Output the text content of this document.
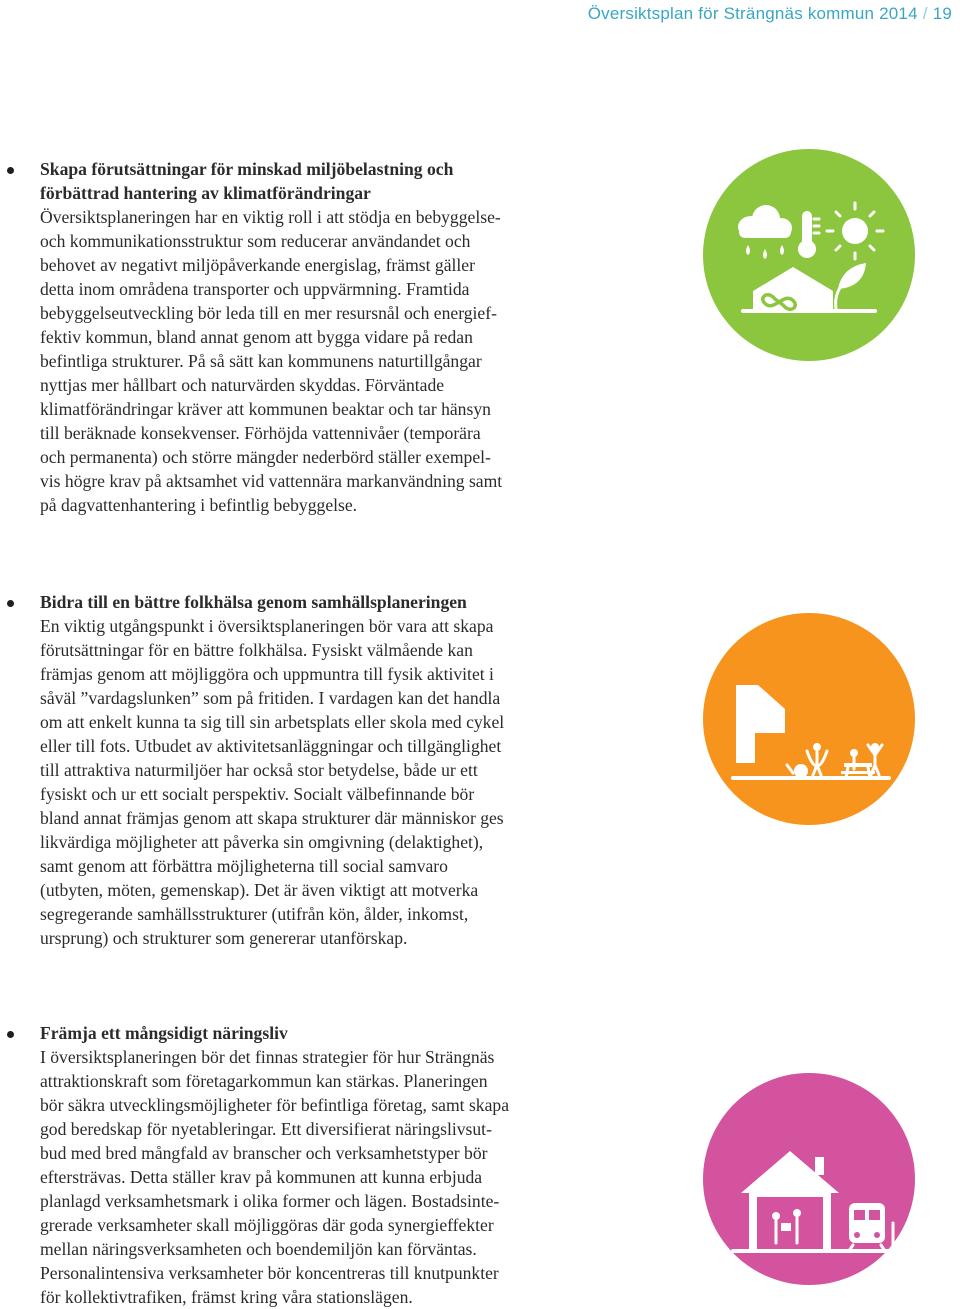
Översiktsplan för Strängnäs kommun 2014 / 19
Skapa förutsättningar för minskad miljöbelastning och
förbättrad hantering av klimatförändringar
Översiktsplaneringen har en viktig roll i att stödja en bebyggelse-
och kommunikationsstruktur som reducerar användandet och
behovet av negativt miljöpåverkande energislag, främst gäller
detta inom områdena transporter och uppvärmning. Framtida
bebyggelseutveckling bör leda till en mer resursnål och energief-
fektiv kommun, bland annat genom att bygga vidare på redan
befintliga strukturer. På så sätt kan kommunens naturtillgångar
nyttjas mer hållbart och naturvärden skyddas. Förväntade
klimatförändringar kräver att kommunen beaktar och tar hänsyn
till beräknade konsekvenser. Förhöjda vattennivåer (temporära
och permanenta) och större mängder nederbörd ställer exempel-
vis högre krav på aktsamhet vid vattennära markanvändning samt
på dagvattenhantering i befintlig bebyggelse.
Bidra till en bättre folkhälsa genom samhällsplaneringen
En viktig utgångspunkt i översiktsplaneringen bör vara att skapa
förutsättningar för en bättre folkhälsa. Fysiskt välmående kan
främjas genom att möjliggöra och uppmuntra till fysik aktivitet i
såväl ”vardagslunken” som på fritiden. I vardagen kan det handla
om att enkelt kunna ta sig till sin arbetsplats eller skola med cykel
eller till fots. Utbudet av aktivitetsanläggningar och tillgänglighet
till attraktiva naturmiljöer har också stor betydelse, både ur ett
fysiskt och ur ett socialt perspektiv. Socialt välbefinnande bör
bland annat främjas genom att skapa strukturer där människor ges
likvärdiga möjligheter att påverka sin omgivning (delaktighet),
samt genom att förbättra möjligheterna till social samvaro
(utbyten, möten, gemenskap). Det är även viktigt att motverka
segregerande samhällsstrukturer (utifrån kön, ålder, inkomst,
ursprung) och strukturer som genererar utanförskap.
Främja ett mångsidigt näringsliv
I översiktsplaneringen bör det finnas strategier för hur Strängnäs
attraktionskraft som företagarkommun kan stärkas. Planeringen
bör säkra utvecklingsmöjligheter för befintliga företag, samt skapa
god beredskap för nyetableringar. Ett diversifierat näringslivsut-
bud med bred mångfald av branscher och verksamhetstyper bör
eftersträvas. Detta ställer krav på kommunen att kunna erbjuda
planlagd verksamhetsmark i olika former och lägen. Bostadsinte-
grerade verksamheter skall möjliggöras där goda synergieffekter
mellan näringsverksamheten och boendemiljön kan förväntas.
Personalintensiva verksamheter bör koncentreras till knutpunkter
för kollektivtrafiken, främst kring våra stationslägen.
